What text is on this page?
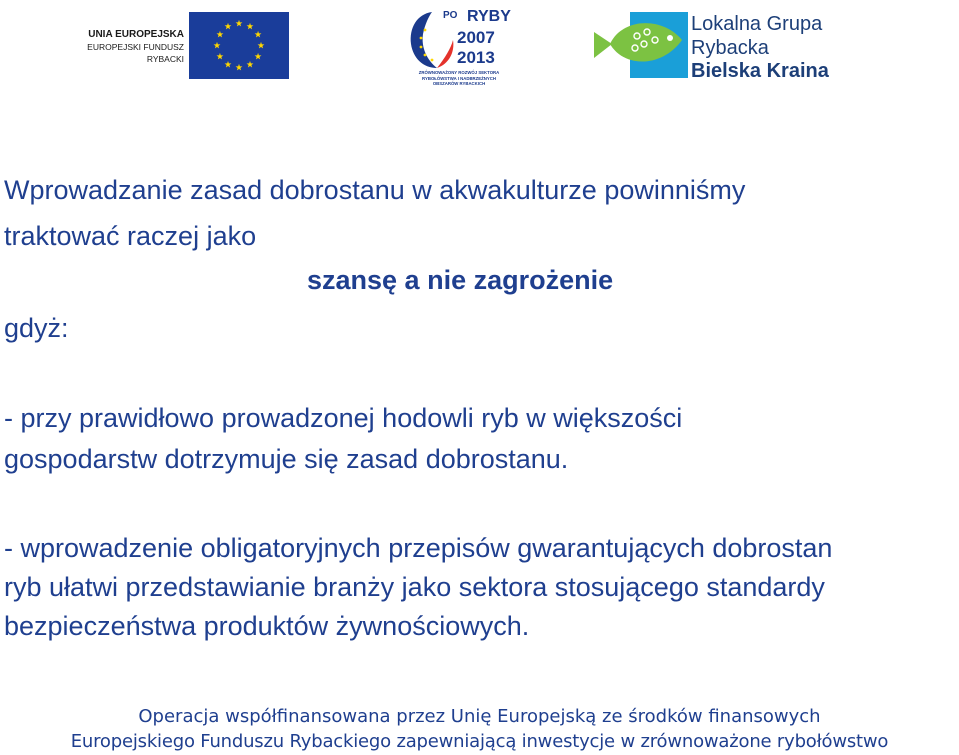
UNIA EUROPEJSKA
EUROPEJSKI FUNDUSZ
RYBACKI
PO RYBY
2007
2013
ZRÓWNOWAŻONY ROZWÓJ SEKTORA RYBOŁÓWSTWA I NADBRZEŻNYCH OBSZARÓW RYBACKICH
Lokalna Grupa
Rybacka
Bielska Kraina
Wprowadzanie zasad dobrostanu w akwakulturze powinniśmy
traktować raczej jako
szansę a nie zagrożenie
gdyż:
- przy prawidłowo prowadzonej hodowli ryb w większości
gospodarstw dotrzymuje się zasad dobrostanu.
- wprowadzenie obligatoryjnych przepisów gwarantujących dobrostan
ryb ułatwi przedstawianie branży jako sektora stosującego standardy
bezpieczeństwa produktów żywnościowych.
Operacja współfinansowana przez Unię Europejską ze środków finansowych
Europejskiego Funduszu Rybackiego zapewniającą inwestycje w zrównoważone rybołówstwo
